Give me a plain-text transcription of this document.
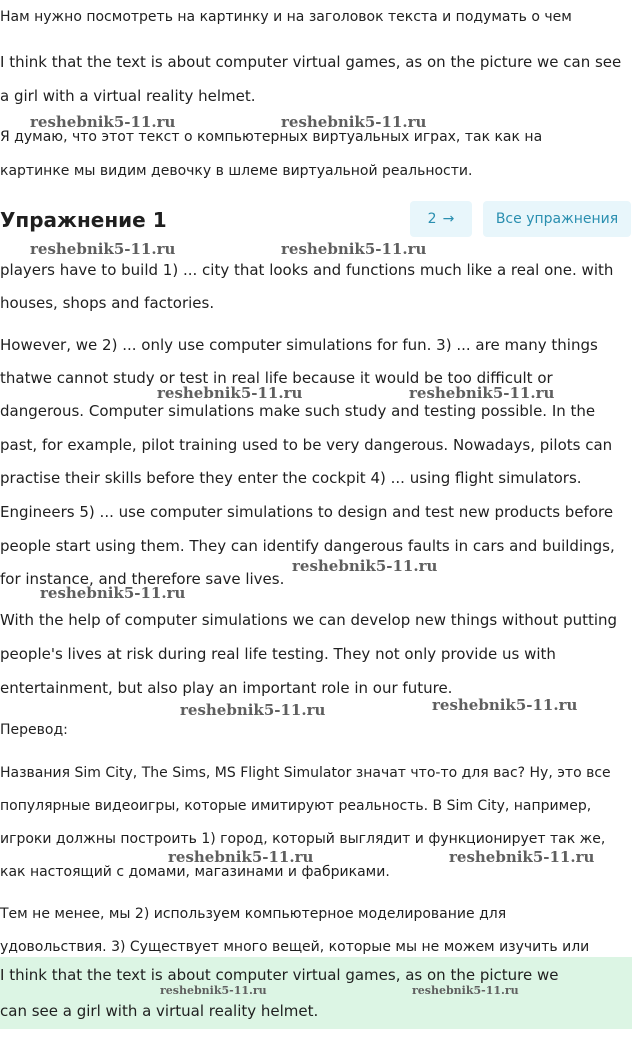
Нам нужно посмотреть на картинку и на заголовок текста и подумать о чем
I think that the text is about computer virtual games, as on the picture we can see
a girl with a virtual reality helmet.
reshebnik5-11.ru	reshebnik5-11.ru
Я думаю, что этот текст о компьютерных виртуальных играх, так как на
картинке мы видим девочку в шлеме виртуальной реальности.
Упражнение 1	2 →	Все упражнения
reshebnik5-11.ru	reshebnik5-11.ru
players have to build 1) ... city that looks and functions much like a real one. with
houses, shops and factories.
However, we 2) ... only use computer simulations for fun. 3) ... are many things
thatwe cannot study or test in real life because it would be too difficult or
reshebnik5-11.ru	reshebnik5-11.ru
dangerous. Computer simulations make such study and testing possible. In the
past, for example, pilot training used to be very dangerous. Nowadays, pilots can
practise their skills before they enter the cockpit 4) ... using flight simulators.
Engineers 5) ... use computer simulations to design and test new products before
people start using them. They can identify dangerous faults in cars and buildings,
reshebnik5-11.ru
for instance, and therefore save lives.
reshebnik5-11.ru
With the help of computer simulations we can develop new things without putting
people's lives at risk during real life testing. They not only provide us with
entertainment, but also play an important role in our future.
reshebnik5-11.ru	reshebnik5-11.ru
Перевод:
Названия Sim City, The Sims, MS Flight Simulator значат что-то для вас? Ну, это все
популярные видеоигры, которые имитируют реальность. В Sim City, например,
игроки должны построить 1) город, который выглядит и функционирует так же,
reshebnik5-11.ru	reshebnik5-11.ru
как настоящий с домами, магазинами и фабриками.
Тем не менее, мы 2) используем компьютерное моделирование для
удовольствия. 3) Существует много вещей, которые мы не можем изучить или
I think that the text is about computer virtual games, as on the picture we
reshebnik5-11.ru	reshebnik5-11.ru
can see a girl with a virtual reality helmet.
